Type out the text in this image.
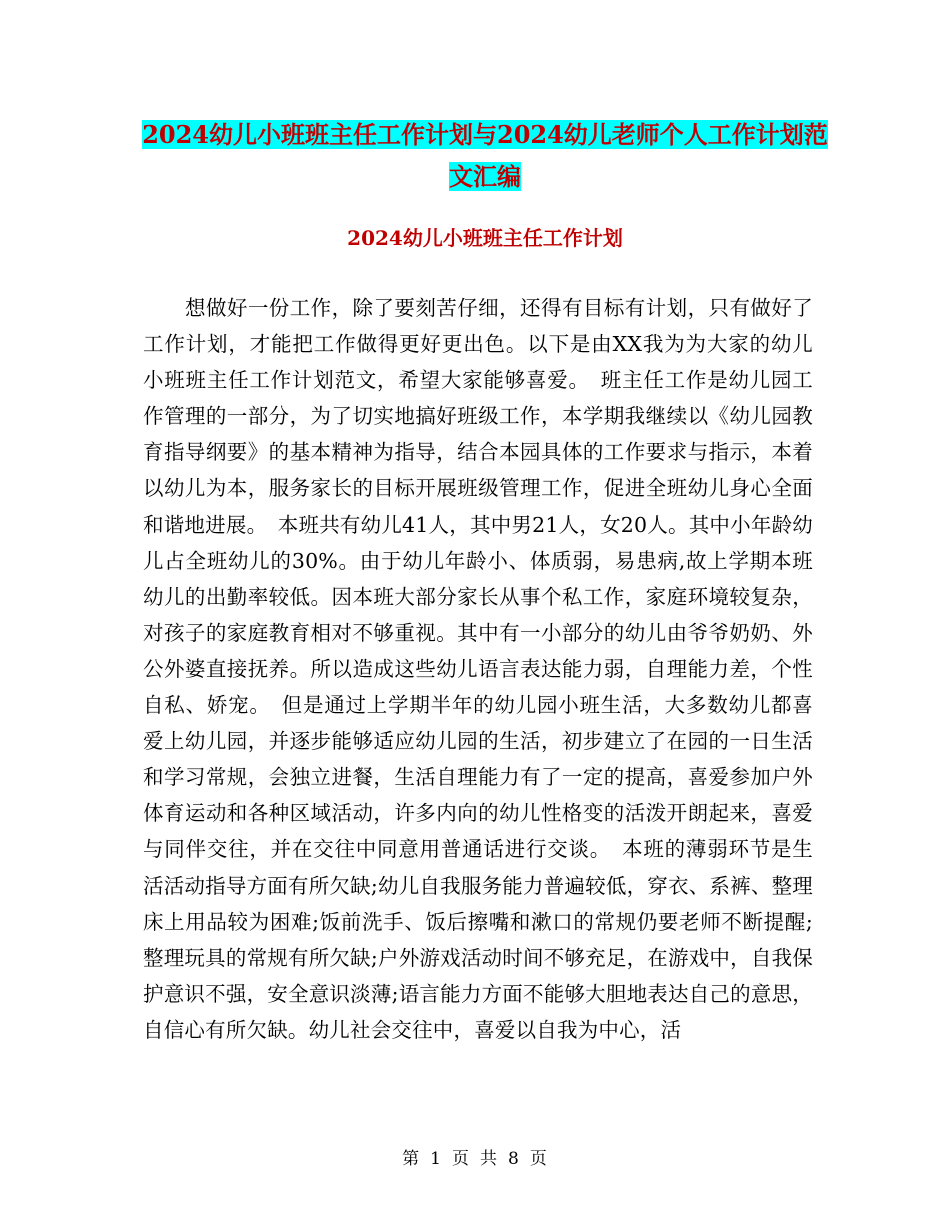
2024幼儿小班班主任工作计划与2024幼儿老师个人工作计划范文汇编
2024幼儿小班班主任工作计划

想做好一份工作，除了要刻苦仔细，还得有目标有计划，只有做好了工作计划，才能把工作做得更好更出色。以下是由XX我为为大家的幼儿小班班主任工作计划范文，希望大家能够喜爱。　班主任工作是幼儿园工作管理的一部分，为了切实地搞好班级工作，本学期我继续以《幼儿园教育指导纲要》的基本精神为指导，结合本园具体的工作要求与指示，本着以幼儿为本，服务家长的目标开展班级管理工作，促进全班幼儿身心全面和谐地进展。　本班共有幼儿41人，其中男21人，女20人。其中小年龄幼儿占全班幼儿的30%。由于幼儿年龄小、体质弱，易患病,故上学期本班幼儿的出勤率较低。因本班大部分家长从事个私工作，家庭环境较复杂，对孩子的家庭教育相对不够重视。其中有一小部分的幼儿由爷爷奶奶、外公外婆直接抚养。所以造成这些幼儿语言表达能力弱，自理能力差，个性自私、娇宠。　但是通过上学期半年的幼儿园小班生活，大多数幼儿都喜爱上幼儿园，并逐步能够适应幼儿园的生活，初步建立了在园的一日生活和学习常规，会独立进餐，生活自理能力有了一定的提高，喜爱参加户外体育运动和各种区域活动，许多内向的幼儿性格变的活泼开朗起来，喜爱与同伴交往，并在交往中同意用普通话进行交谈。　本班的薄弱环节是生活活动指导方面有所欠缺;幼儿自我服务能力普遍较低，穿衣、系裤、整理床上用品较为困难;饭前洗手、饭后擦嘴和漱口的常规仍要老师不断提醒;整理玩具的常规有所欠缺;户外游戏活动时间不够充足，在游戏中，自我保护意识不强，安全意识淡薄;语言能力方面不能够大胆地表达自己的意思，自信心有所欠缺。幼儿社会交往中，喜爱以自我为中心，活

第 1 页 共 8 页
